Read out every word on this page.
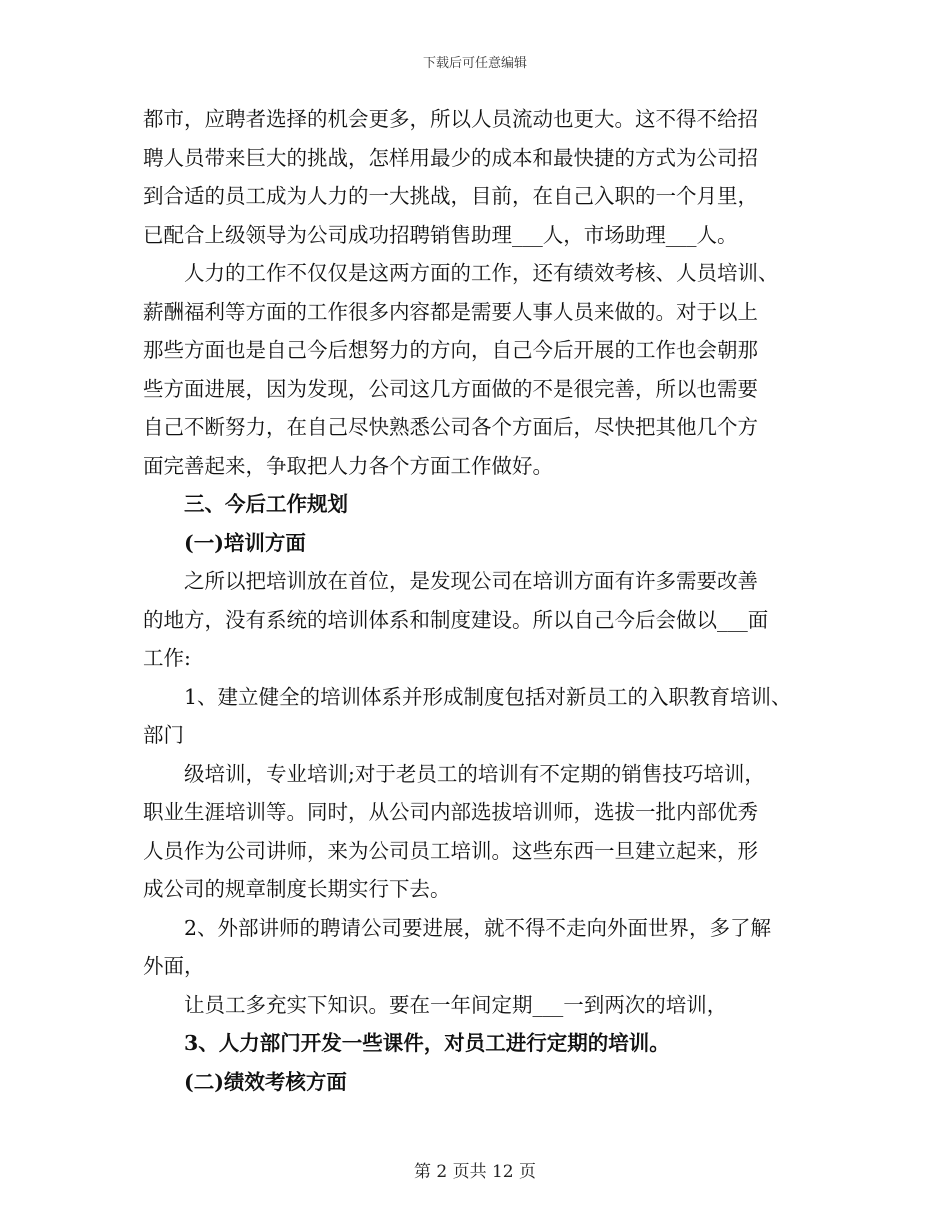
下载后可任意编辑
都市，应聘者选择的机会更多，所以人员流动也更大。这不得不给招
聘人员带来巨大的挑战，怎样用最少的成本和最快捷的方式为公司招
到合适的员工成为人力的一大挑战，目前，在自己入职的一个月里，
已配合上级领导为公司成功招聘销售助理___人，市场助理___人。
人力的工作不仅仅是这两方面的工作，还有绩效考核、人员培训、
薪酬福利等方面的工作很多内容都是需要人事人员来做的。对于以上
那些方面也是自己今后想努力的方向，自己今后开展的工作也会朝那
些方面进展，因为发现，公司这几方面做的不是很完善，所以也需要
自己不断努力，在自己尽快熟悉公司各个方面后，尽快把其他几个方
面完善起来，争取把人力各个方面工作做好。
三、今后工作规划
(一)培训方面
之所以把培训放在首位，是发现公司在培训方面有许多需要改善
的地方，没有系统的培训体系和制度建设。所以自己今后会做以___面
工作:
1、建立健全的培训体系并形成制度包括对新员工的入职教育培训、
部门
级培训，专业培训;对于老员工的培训有不定期的销售技巧培训，
职业生涯培训等。同时，从公司内部选拔培训师，选拔一批内部优秀
人员作为公司讲师，来为公司员工培训。这些东西一旦建立起来，形
成公司的规章制度长期实行下去。
2、外部讲师的聘请公司要进展，就不得不走向外面世界，多了解
外面，
让员工多充实下知识。要在一年间定期___一到两次的培训，
3、人力部门开发一些课件，对员工进行定期的培训。
(二)绩效考核方面
第 2 页共 12 页
